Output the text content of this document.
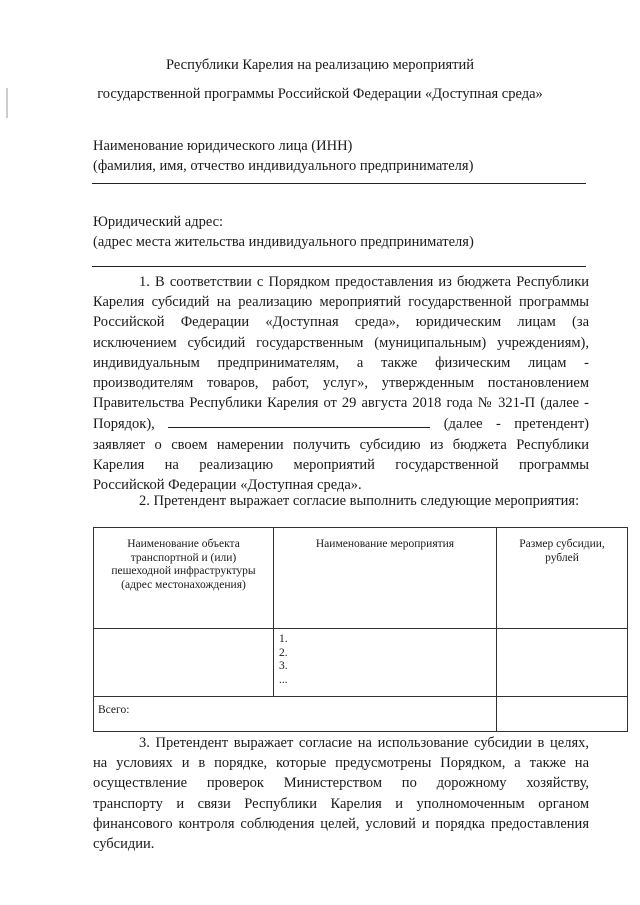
Республики Карелия на реализацию мероприятий
государственной программы Российской Федерации «Доступная среда»
Наименование юридического лица (ИНН)
(фамилия, имя, отчество индивидуального предпринимателя)
Юридический адрес:
(адрес места жительства индивидуального предпринимателя)

1. В соответствии с Порядком предоставления из бюджета Республики

Карелия субсидий на реализацию мероприятий государственной программы

Российской Федерации «Доступная среда», юридическим лицам (за

исключением субсидий государственным (муниципальным) учреждениям),

индивидуальным предпринимателям, а также физическим лицам -

производителям товаров, работ, услуг», утвержденным постановлением

Правительства Республики Карелия от 29 августа 2018 года № 321-П (далее -

Порядок),	(далее - претендент)

заявляет о своем намерении получить субсидию из бюджета Республики

Карелия на реализацию мероприятий государственной программы

Российской Федерации «Доступная среда».

2. Претендент выражает согласие выполнить следующие мероприятия:
Наименование объекта транспортной и (или) пешеходной инфраструктуры (адрес местонахождения)	Наименование мероприятия	Размер субсидии, рублей

	1.
2.
3.
...	

Всего:		

3. Претендент выражает согласие на использование субсидии в целях,

на условиях и в порядке, которые предусмотрены Порядком, а также на

осуществление проверок Министерством по дорожному хозяйству,

транспорту и связи Республики Карелия и уполномоченным органом

финансового контроля соблюдения целей, условий и порядка предоставления

субсидии.
